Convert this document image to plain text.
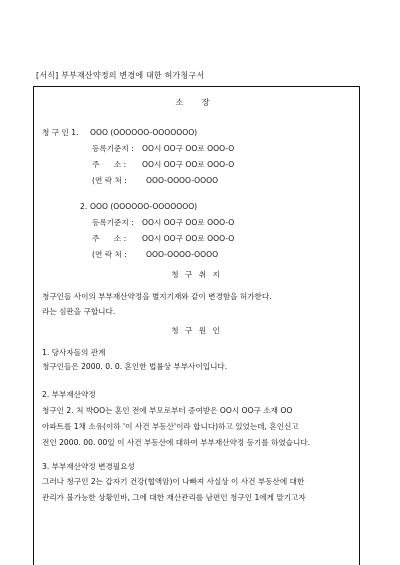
[서식] 부부재산약정의 변경에 대한 허가청구서
소 장
청 구 인 1. OOO (OOOOOO-OOOOOOO)
등록기준지 : OO시 OO구 OO로 OOO-O
주      소 : OO시 OO구 OO로 OOO-O
(연 락 처 :	OOO-OOOO-OOOO
2. OOO (OOOOOO-OOOOOOO)
등록기준지 : OO시 OO구 OO로 OOO-O
주      소 : OO시 OO구 OO로 OOO-O
(연 락 처 :	OOO-OOOO-OOOO
청 구 취 지
청구인들 사이의 부부재산약정을 별지기재와 같이 변경함을 허가한다.
라는 심판을 구합니다.
청 구 원 인
1. 당사자들의 관계
청구인들은 2000. 0. 0. 혼인한 법률상 부부사이입니다.
2. 부부재산약정
청구인 2. 처 박OO는 혼인 전에 부모로부터 증여받은 OO시 OO구 소재 OO
아파트를 1채 소유(이하 '이 사건 부동산'이라 합니다)하고 있었는데, 혼인신고
전인 2000. 00. 00일 이 사건 부동산에 대하여 부부재산약정 등기를 하였습니다.
3. 부부재산약정 변경필요성
그러나 청구인 2는 갑자기 건강(협액암)이 나빠져 사실상 이 사건 부동산에 대한
관리가 불가능한 상황인바, 그에 대한 재산관리를 남편인 청구인 1에게 맡기고자
